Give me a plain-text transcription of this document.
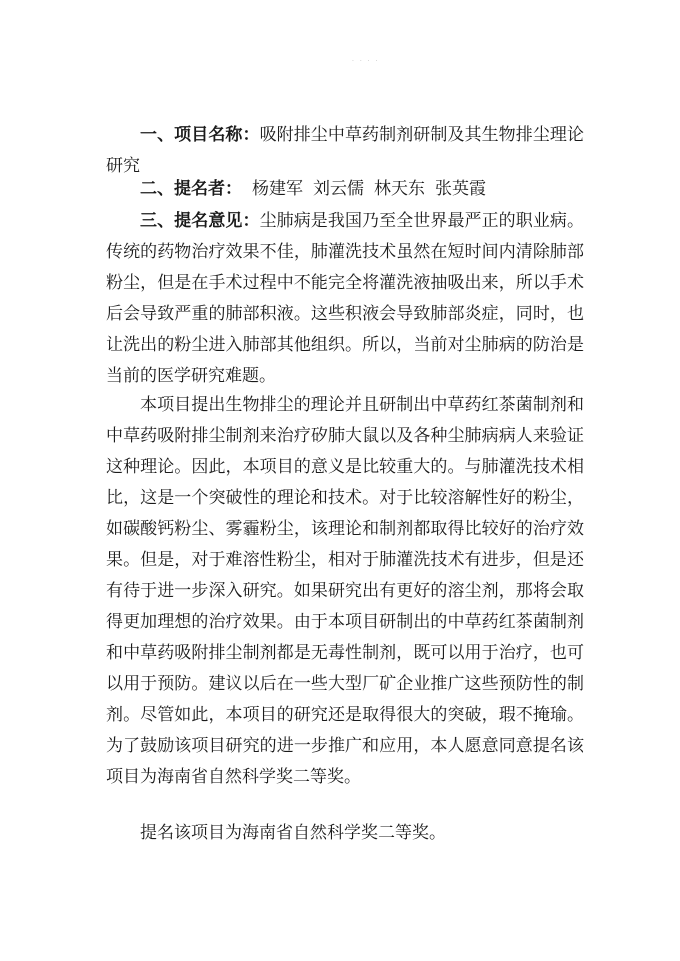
· · · ·
一、项目名称：吸附排尘中草药制剂研制及其生物排尘理论研究
二、提名者： 杨建军 刘云儒 林天东 张英霞
三、提名意见：尘肺病是我国乃至全世界最严正的职业病。传统的药物治疗效果不佳，肺灌洗技术虽然在短时间内清除肺部粉尘，但是在手术过程中不能完全将灌洗液抽吸出来，所以手术后会导致严重的肺部积液。这些积液会导致肺部炎症，同时，也让洗出的粉尘进入肺部其他组织。所以，当前对尘肺病的防治是当前的医学研究难题。
本项目提出生物排尘的理论并且研制出中草药红茶菌制剂和中草药吸附排尘制剂来治疗矽肺大鼠以及各种尘肺病病人来验证这种理论。因此，本项目的意义是比较重大的。与肺灌洗技术相比，这是一个突破性的理论和技术。对于比较溶解性好的粉尘，如碳酸钙粉尘、雾霾粉尘，该理论和制剂都取得比较好的治疗效果。但是，对于难溶性粉尘，相对于肺灌洗技术有进步，但是还有待于进一步深入研究。如果研究出有更好的溶尘剂，那将会取得更加理想的治疗效果。由于本项目研制出的中草药红茶菌制剂和中草药吸附排尘制剂都是无毒性制剂，既可以用于治疗，也可以用于预防。建议以后在一些大型厂矿企业推广这些预防性的制剂。尽管如此，本项目的研究还是取得很大的突破，瑕不掩瑜。为了鼓励该项目研究的进一步推广和应用，本人愿意同意提名该项目为海南省自然科学奖二等奖。
提名该项目为海南省自然科学奖二等奖。
